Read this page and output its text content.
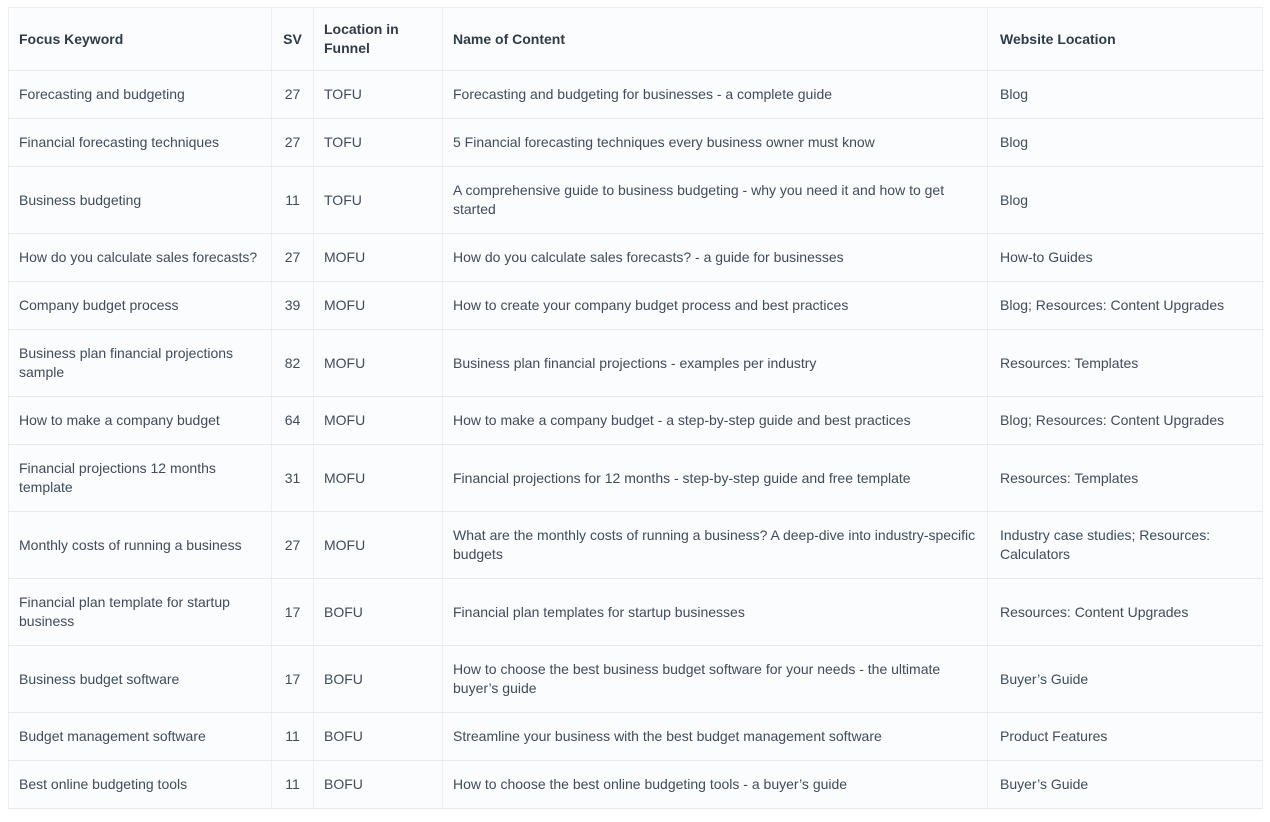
Focus Keyword	SV	Location in Funnel	Name of Content	Website Location
Forecasting and budgeting	27	TOFU	Forecasting and budgeting for businesses - a complete guide	Blog
Financial forecasting techniques	27	TOFU	5 Financial forecasting techniques every business owner must know	Blog
Business budgeting	11	TOFU	A comprehensive guide to business budgeting - why you need it and how to get started	Blog
How do you calculate sales forecasts?	27	MOFU	How do you calculate sales forecasts? - a guide for businesses	How-to Guides
Company budget process	39	MOFU	How to create your company budget process and best practices	Blog; Resources: Content Upgrades
Business plan financial projections sample	82	MOFU	Business plan financial projections - examples per industry	Resources: Templates
How to make a company budget	64	MOFU	How to make a company budget - a step-by-step guide and best practices	Blog; Resources: Content Upgrades
Financial projections 12 months template	31	MOFU	Financial projections for 12 months - step-by-step guide and free template	Resources: Templates
Monthly costs of running a business	27	MOFU	What are the monthly costs of running a business? A deep-dive into industry-specific budgets	Industry case studies; Resources: Calculators
Financial plan template for startup business	17	BOFU	Financial plan templates for startup businesses	Resources: Content Upgrades
Business budget software	17	BOFU	How to choose the best business budget software for your needs - the ultimate buyer’s guide	Buyer’s Guide
Budget management software	11	BOFU	Streamline your business with the best budget management software	Product Features
Best online budgeting tools	11	BOFU	How to choose the best online budgeting tools - a buyer’s guide	Buyer’s Guide
